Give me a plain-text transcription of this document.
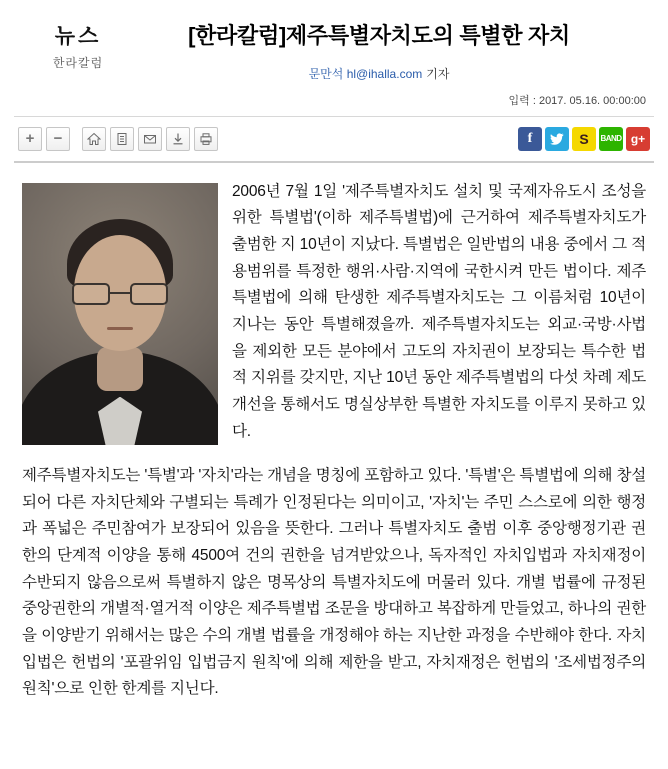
뉴스
한라칼럼
[한라칼럼]제주특별자치도의 특별한 자치
문만석 hl@ihalla.com 기자
입력 : 2017. 05.16. 00:00:00
+	−	f	S	BAND g+

2006년 7월 1일 '제주특별자치도 설치 및 국제자유도시 조성을 위한 특별법'(이하 제주특별법)에 근거하여 제주특별자치도가 출범한 지 10년이 지났다. 특별법은 일반법의 내용 중에서 그 적용범위를 특정한 행위·사람·지역에 국한시켜 만든 법이다. 제주특별법에 의해 탄생한 제주특별자치도는 그 이름처럼 10년이 지나는 동안 특별해졌을까. 제주특별자치도는 외교·국방·사법을 제외한 모든 분야에서 고도의 자치권이 보장되는 특수한 법적 지위를 갖지만, 지난 10년 동안 제주특별법의 다섯 차례 제도개선을 통해서도 명실상부한 특별한 자치도를 이루지 못하고 있다.

제주특별자치도는 '특별'과 '자치'라는 개념을 명칭에 포함하고 있다. '특별'은 특별법에 의해 창설되어 다른 자치단체와 구별되는 특례가 인정된다는 의미이고, '자치'는 주민 스스로에 의한 행정과 폭넓은 주민참여가 보장되어 있음을 뜻한다. 그러나 특별자치도 출범 이후 중앙행정기관 권한의 단계적 이양을 통해 4500여 건의 권한을 넘겨받았으나, 독자적인 자치입법과 자치재정이 수반되지 않음으로써 특별하지 않은 명목상의 특별자치도에 머물러 있다. 개별 법률에 규정된 중앙권한의 개별적·열거적 이양은 제주특별법 조문을 방대하고 복잡하게 만들었고, 하나의 권한을 이양받기 위해서는 많은 수의 개별 법률을 개정해야 하는 지난한 과정을 수반해야 한다. 자치입법은 헌법의 '포괄위임 입법금지 원칙'에 의해 제한을 받고, 자치재정은 헌법의 '조세법정주의 원칙'으로 인한 한계를 지닌다.
